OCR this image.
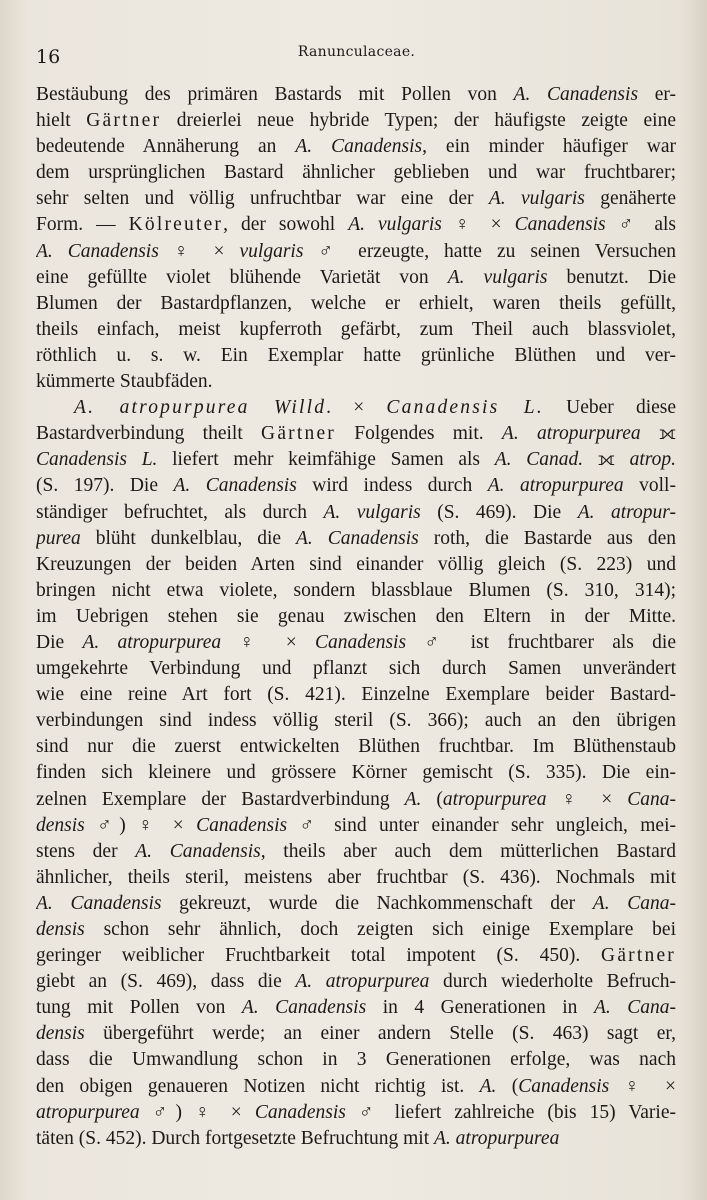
16	Ranunculaceae.
Bestäubung des primären Bastards mit Pollen von A. Canadensis er-
hielt Gärtner dreierlei neue hybride Typen; der häufigste zeigte eine
bedeutende Annäherung an A. Canadensis, ein minder häufiger war
dem ursprünglichen Bastard ähnlicher geblieben und war fruchtbarer;
sehr selten und völlig unfruchtbar war eine der A. vulgaris genäherte
Form. — Kölreuter, der sowohl A. vulgaris ♀ × Canadensis ♂ als
A. Canadensis ♀ × vulgaris ♂ erzeugte, hatte zu seinen Versuchen
eine gefüllte violet blühende Varietät von A. vulgaris benutzt. Die
Blumen der Bastardpflanzen, welche er erhielt, waren theils gefüllt,
theils einfach, meist kupferroth gefärbt, zum Theil auch blassviolet,
röthlich u. s. w. Ein Exemplar hatte grünliche Blüthen und ver-
kümmerte Staubfäden.
A. atropurpurea Willd. × Canadensis L. Ueber diese
Bastardverbindung theilt Gärtner Folgendes mit. A. atropurpurea ⟗
Canadensis L. liefert mehr keimfähige Samen als A. Canad. ⟗ atrop.
(S. 197). Die A. Canadensis wird indess durch A. atropurpurea voll-
ständiger befruchtet, als durch A. vulgaris (S. 469). Die A. atropur-
purea blüht dunkelblau, die A. Canadensis roth, die Bastarde aus den
Kreuzungen der beiden Arten sind einander völlig gleich (S. 223) und
bringen nicht etwa violete, sondern blassblaue Blumen (S. 310, 314);
im Uebrigen stehen sie genau zwischen den Eltern in der Mitte.
Die A. atropurpurea ♀ × Canadensis ♂ ist fruchtbarer als die
umgekehrte Verbindung und pflanzt sich durch Samen unverändert
wie eine reine Art fort (S. 421). Einzelne Exemplare beider Bastard-
verbindungen sind indess völlig steril (S. 366); auch an den übrigen
sind nur die zuerst entwickelten Blüthen fruchtbar. Im Blüthenstaub
finden sich kleinere und grössere Körner gemischt (S. 335). Die ein-
zelnen Exemplare der Bastardverbindung A. (atropurpurea ♀ × Cana-
densis ♂) ♀ × Canadensis ♂ sind unter einander sehr ungleich, mei-
stens der A. Canadensis, theils aber auch dem mütterlichen Bastard
ähnlicher, theils steril, meistens aber fruchtbar (S. 436). Nochmals mit
A. Canadensis gekreuzt, wurde die Nachkommenschaft der A. Cana-
densis schon sehr ähnlich, doch zeigten sich einige Exemplare bei
geringer weiblicher Fruchtbarkeit total impotent (S. 450). Gärtner
giebt an (S. 469), dass die A. atropurpurea durch wiederholte Befruch-
tung mit Pollen von A. Canadensis in 4 Generationen in A. Cana-
densis übergeführt werde; an einer andern Stelle (S. 463) sagt er,
dass die Umwandlung schon in 3 Generationen erfolge, was nach
den obigen genaueren Notizen nicht richtig ist. A. (Canadensis ♀ ×
atropurpurea ♂) ♀ × Canadensis ♂ liefert zahlreiche (bis 15) Varie-
täten (S. 452). Durch fortgesetzte Befruchtung mit A. atropurpurea
